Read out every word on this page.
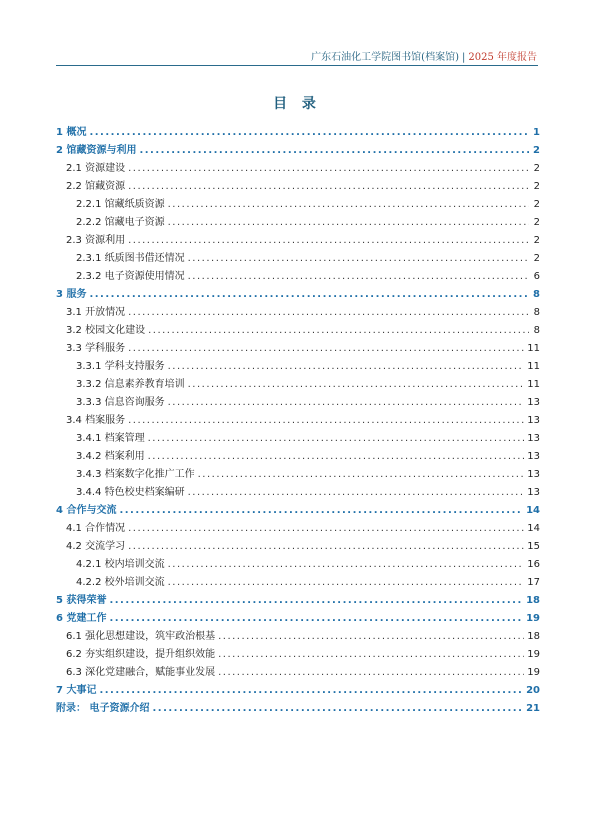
广东石油化工学院图书馆(档案馆) | 2025 年度报告
目 录
1 概况 .....	1
2 馆藏资源与利用 .....	2
2.1 资源建设 .....	2
2.2 馆藏资源 .....	2
2.2.1 馆藏纸质资源 .....	2
2.2.2 馆藏电子资源 .....	2
2.3 资源利用 .....	2
2.3.1 纸质图书借还情况 .....	2
2.3.2 电子资源使用情况 .....	6
3 服务 .....	8
3.1 开放情况 .....	8
3.2 校园文化建设 .....	8
3.3 学科服务 .....	11
3.3.1 学科支持服务 .....	11
3.3.2 信息素养教育培训 .....	11
3.3.3 信息咨询服务 .....	13
3.4 档案服务 .....	13
3.4.1 档案管理 .....	13
3.4.2 档案利用 .....	13
3.4.3 档案数字化推广工作 .....	13
3.4.4 特色校史档案编研 .....	13
4 合作与交流 .....	14
4.1 合作情况 .....	14
4.2 交流学习 .....	15
4.2.1 校内培训交流 .....	16
4.2.2 校外培训交流 .....	17
5 获得荣誉 .....	18
6 党建工作 .....	19
6.1 强化思想建设，筑牢政治根基 .....	18
6.2 夯实组织建设，提升组织效能 .....	19
6.3 深化党建融合，赋能事业发展 .....	19
7 大事记 .....	20
附录： 电子资源介绍 .....	21
